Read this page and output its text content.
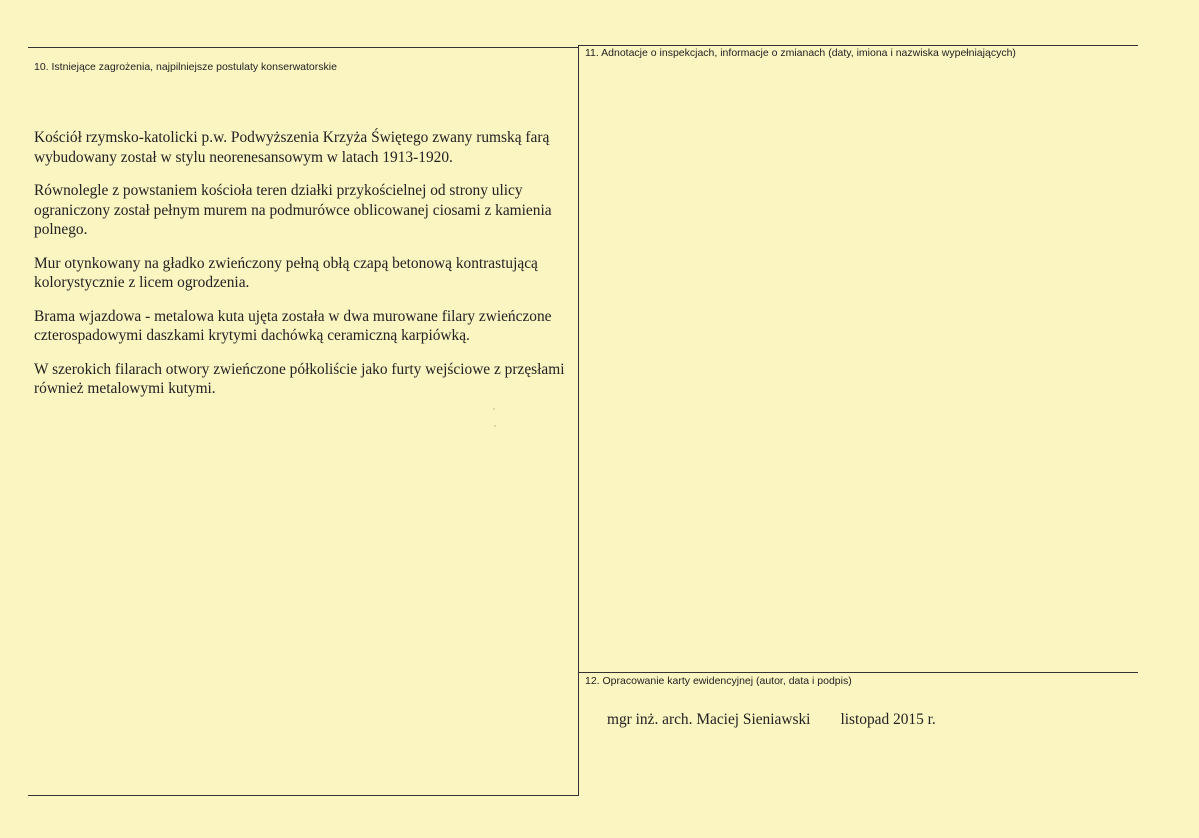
10. Istniejące zagrożenia, najpilniejsze postulaty konserwatorskie

Kościół rzymsko-katolicki p.w. Podwyższenia Krzyża Świętego zwany rumską farą wybudowany został w stylu neorenesansowym w latach 1913-1920.

Równolegle z powstaniem kościoła teren działki przykościelnej od strony ulicy ograniczony został pełnym murem na podmurówce oblicowanej ciosami z kamienia polnego.

Mur otynkowany na gładko zwieńczony pełną obłą czapą betonową kontrastującą kolorystycznie z licem ogrodzenia.

Brama wjazdowa - metalowa kuta ujęta została w dwa murowane filary zwieńczone czterospadowymi daszkami krytymi dachówką ceramiczną karpiówką.

W szerokich filarach otwory zwieńczone półkoliście jako furty wejściowe z przęsłami również metalowymi kutymi.

11. Adnotacje o inspekcjach, informacje o zmianach (daty, imiona i nazwiska wypełniających)
12. Opracowanie karty ewidencyjnej (autor, data i podpis)
mgr inż. arch. Maciej Sieniawski listopad 2015 r.
